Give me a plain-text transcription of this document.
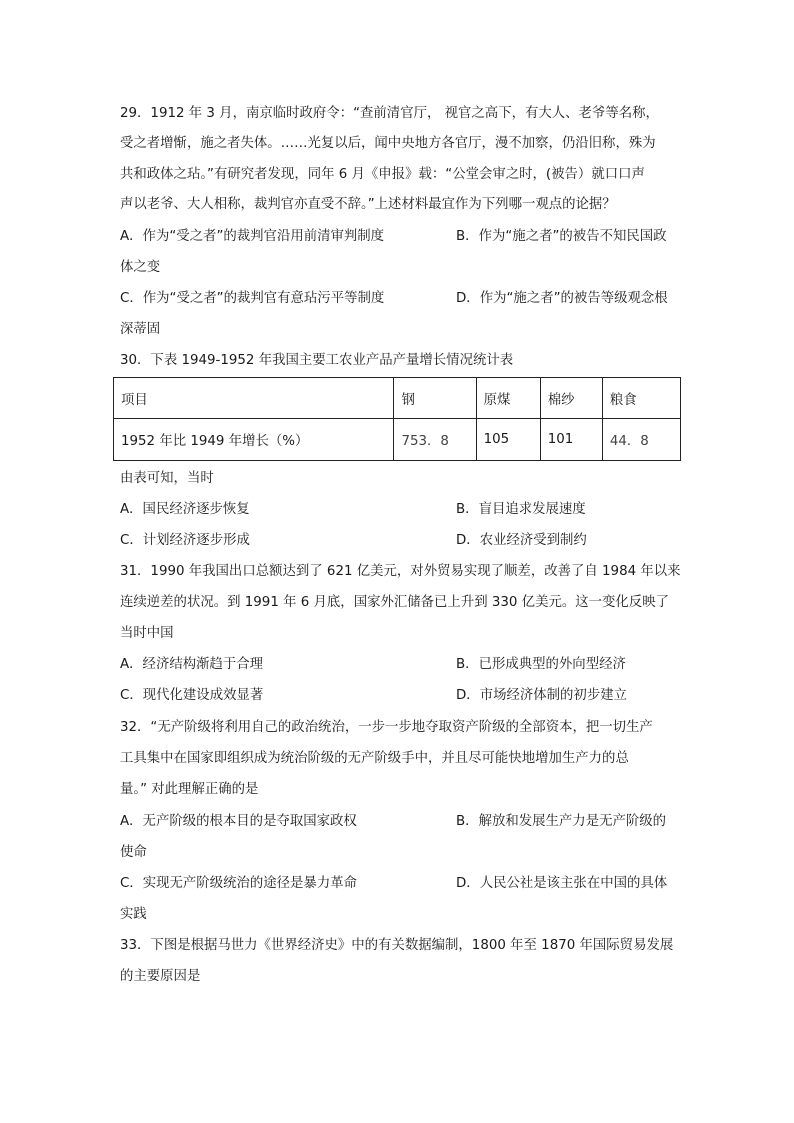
29．1912 年 3 月，南京临时政府令：“查前清官厅， 视官之高下，有大人、老爷等名称，
受之者增惭，施之者失体。……光复以后，闻中央地方各官厅，漫不加察，仍沿旧称，殊为
共和政体之玷。”有研究者发现，同年 6 月《申报》载：“公堂会审之时，(被告）就口口声
声以老爷、大人相称，裁判官亦直受不辞。”上述材料最宜作为下列哪一观点的论据？
A．作为“受之者”的裁判官沿用前清审判制度	B．作为“施之者”的被告不知民国政
体之变
C．作为“受之者”的裁判官有意玷污平等制度	D．作为“施之者”的被告等级观念根
深蒂固
30．下表 1949-1952 年我国主要工农业产品产量增长情况统计表
项目	钢	原煤	棉纱	粮食
1952 年比 1949 年增长（%）	753．8	105	101	44．8
由表可知，当时
A．国民经济逐步恢复	B．盲目追求发展速度
C．计划经济逐步形成	D．农业经济受到制约
31．1990 年我国出口总额达到了 621 亿美元，对外贸易实现了顺差，改善了自 1984 年以来
连续逆差的状况。到 1991 年 6 月底，国家外汇储备已上升到 330 亿美元。这一变化反映了
当时中国
A．经济结构渐趋于合理	B．已形成典型的外向型经济
C．现代化建设成效显著	D．市场经济体制的初步建立
32．“无产阶级将利用自己的政治统治，一步一步地夺取资产阶级的全部资本，把一切生产
工具集中在国家即组织成为统治阶级的无产阶级手中，并且尽可能快地增加生产力的总
量。” 对此理解正确的是
A．无产阶级的根本目的是夺取国家政权	B．解放和发展生产力是无产阶级的
使命
C．实现无产阶级统治的途径是暴力革命	D．人民公社是该主张在中国的具体
实践
33．下图是根据马世力《世界经济史》中的有关数据编制，1800 年至 1870 年国际贸易发展
的主要原因是
